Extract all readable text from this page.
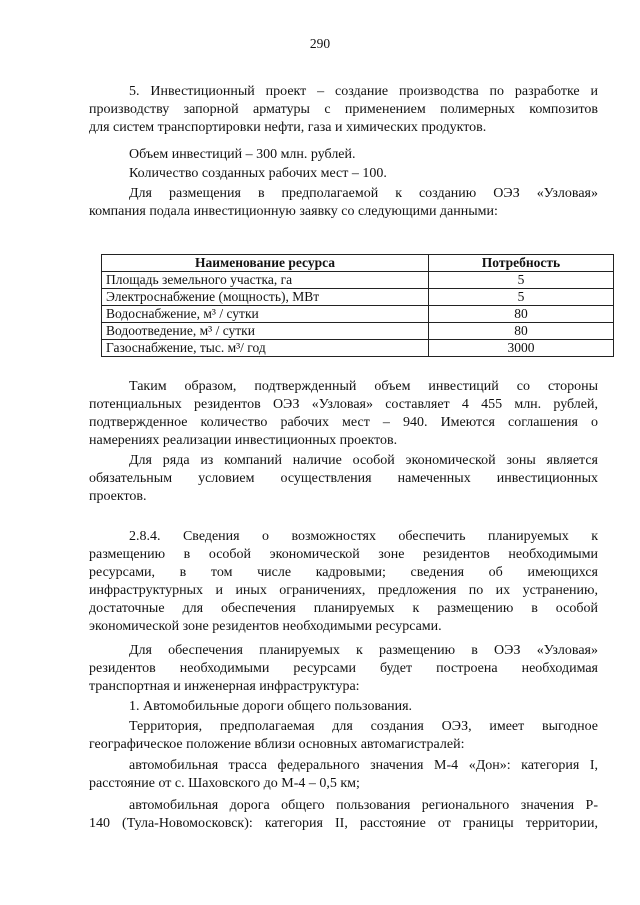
290
5. Инвестиционный проект – создание производства по разработке и
производству запорной арматуры с применением полимерных композитов
для систем транспортировки нефти, газа и химических продуктов.
Объем инвестиций – 300 млн. рублей.
Количество созданных рабочих мест – 100.
Для размещения в предполагаемой к созданию ОЭЗ «Узловая»
компания подала инвестиционную заявку со следующими данными:
Наименование ресурса	Потребность
Площадь земельного участка, га	5
Электроснабжение (мощность), МВт	5
Водоснабжение, м³ / сутки	80
Водоотведение, м³ / сутки	80
Газоснабжение, тыс. м³/ год	3000
Таким образом, подтвержденный объем инвестиций со стороны
потенциальных резидентов ОЭЗ «Узловая» составляет 4 455 млн. рублей,
подтвержденное количество рабочих мест – 940. Имеются соглашения о
намерениях реализации инвестиционных проектов.
Для ряда из компаний наличие особой экономической зоны является
обязательным условием осуществления намеченных инвестиционных
проектов.
2.8.4. Сведения о возможностях обеспечить планируемых к
размещению в особой экономической зоне резидентов необходимыми
ресурсами, в том числе кадровыми; сведения об имеющихся
инфраструктурных и иных ограничениях, предложения по их устранению,
достаточные для обеспечения планируемых к размещению в особой
экономической зоне резидентов необходимыми ресурсами.
Для обеспечения планируемых к размещению в ОЭЗ «Узловая»
резидентов необходимыми ресурсами будет построена необходимая
транспортная и инженерная инфраструктура:
1. Автомобильные дороги общего пользования.
Территория, предполагаемая для создания ОЭЗ, имеет выгодное
географическое положение вблизи основных автомагистралей:
автомобильная трасса федерального значения М-4 «Дон»: категория I,
расстояние от с. Шаховского до М-4 – 0,5 км;
автомобильная дорога общего пользования регионального значения Р-
140 (Тула-Новомосковск): категория II, расстояние от границы территории,
